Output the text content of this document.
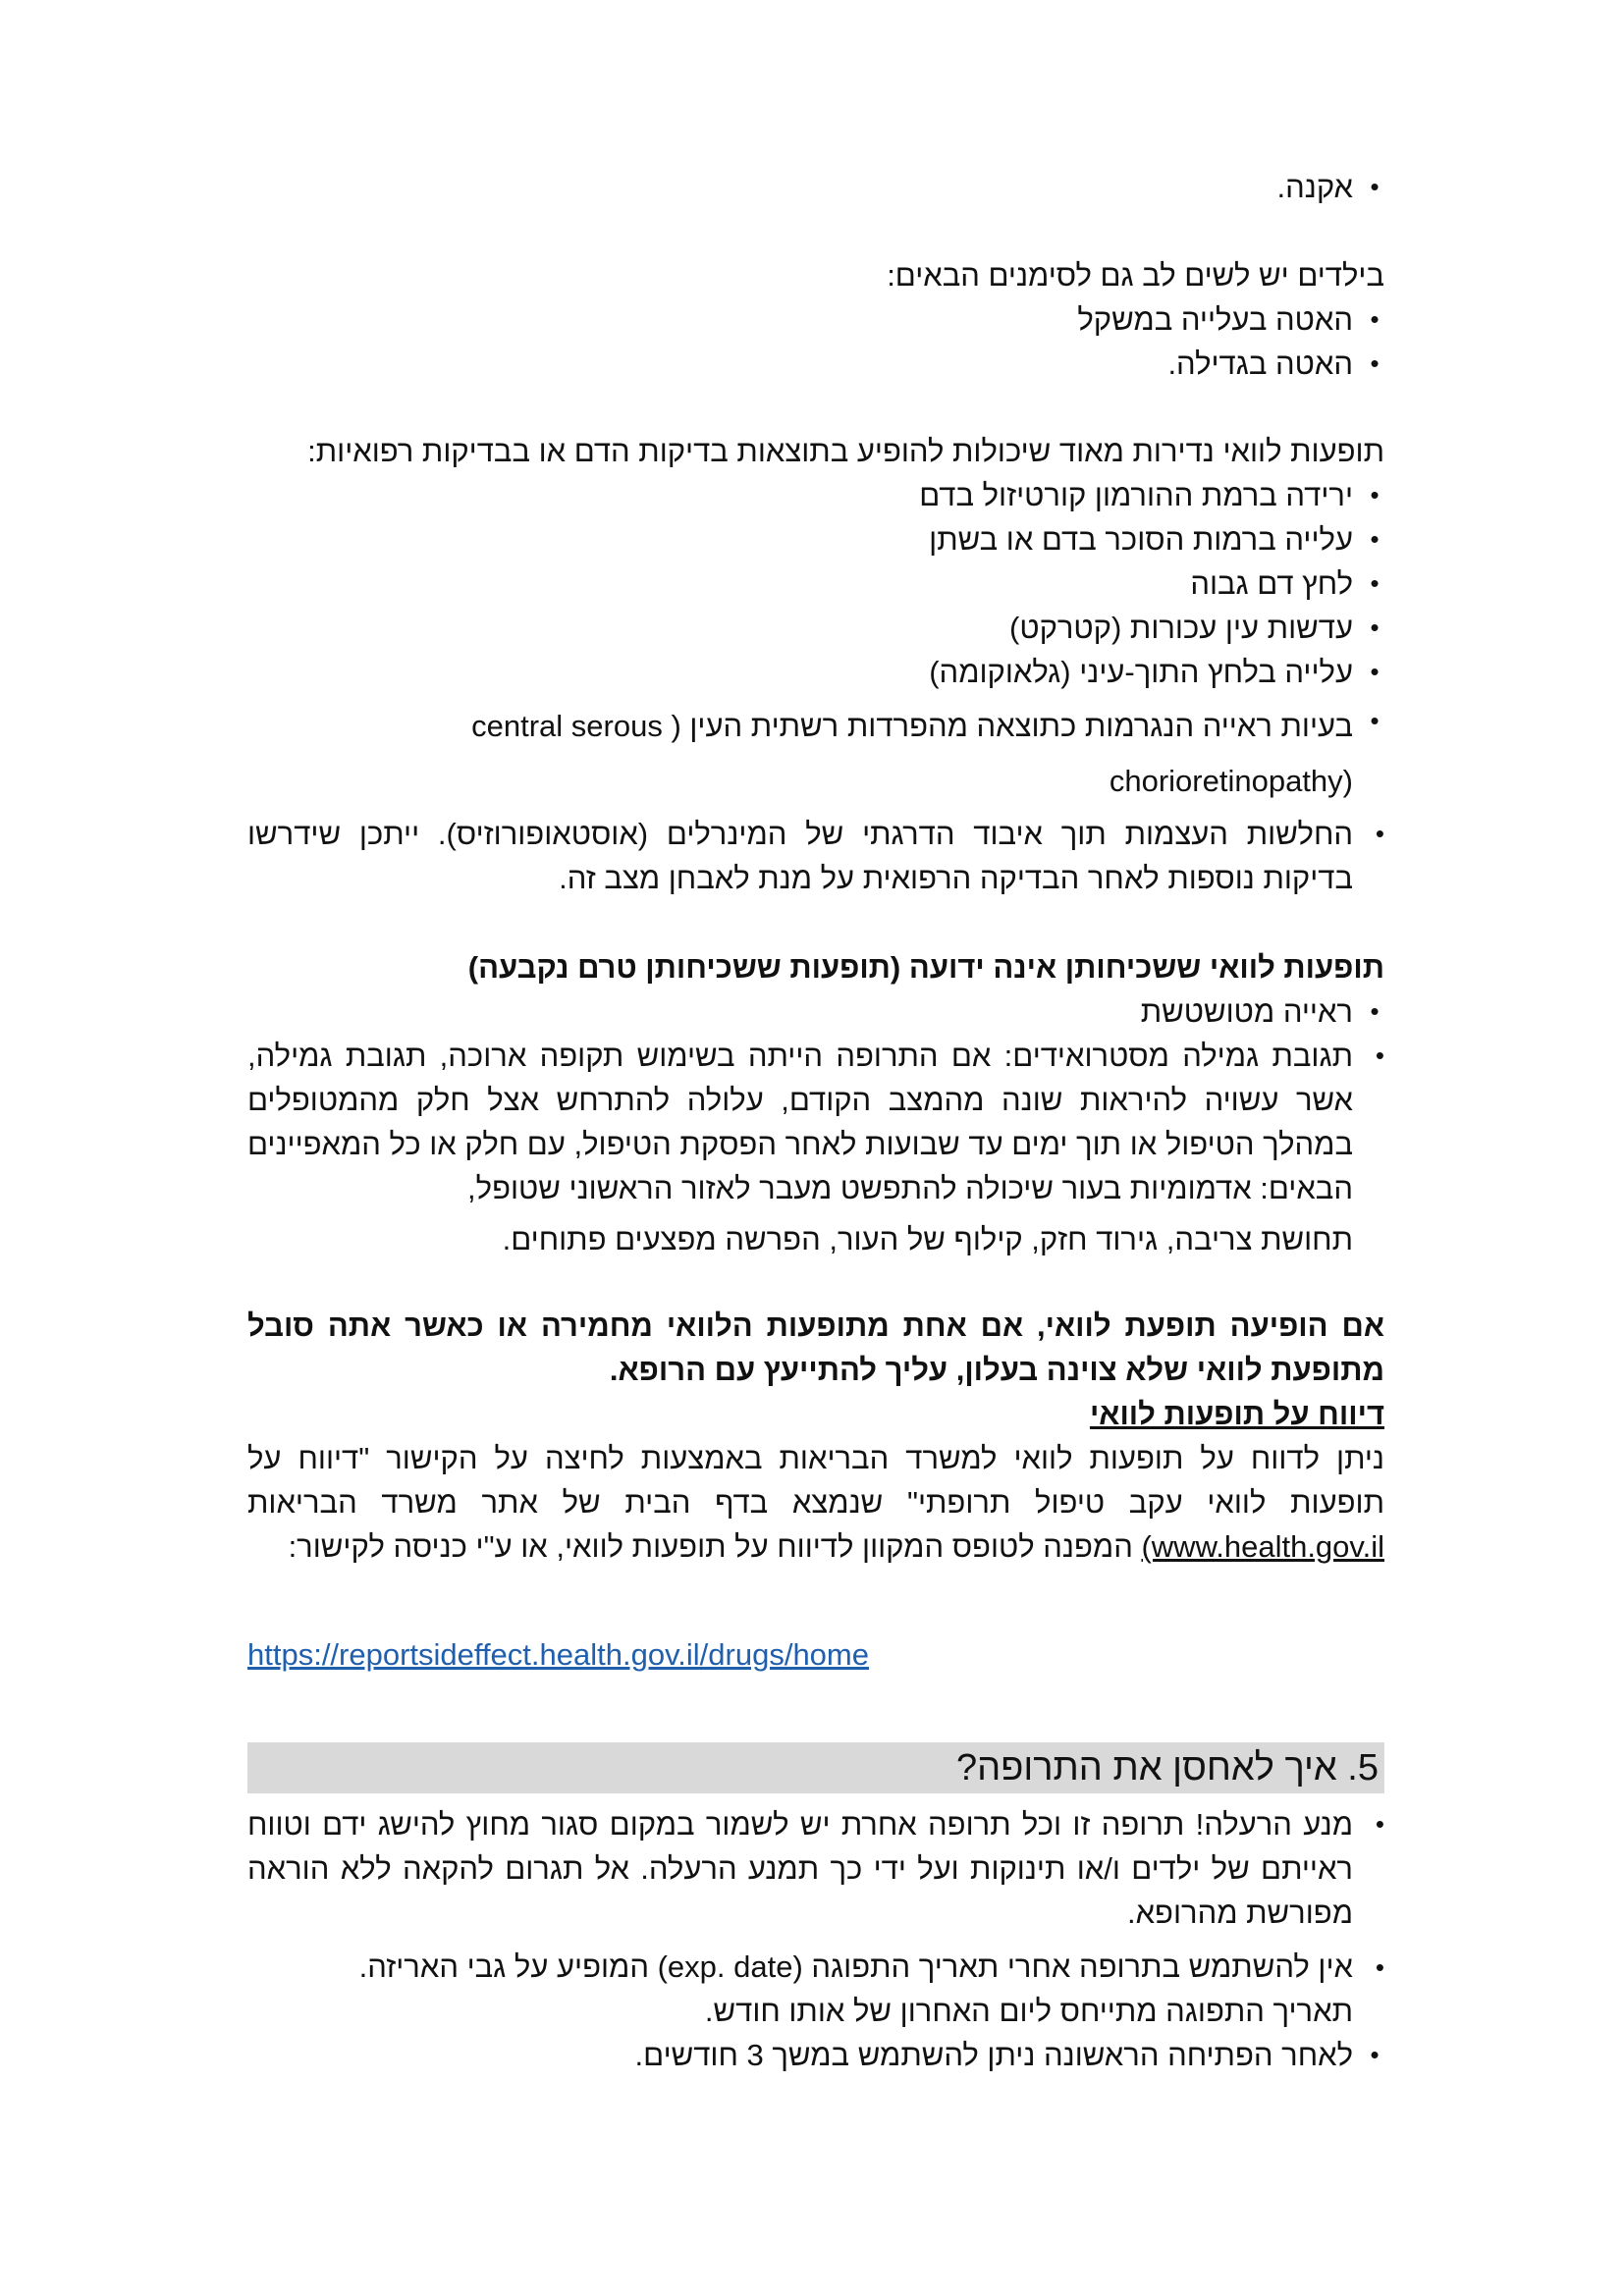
•
אקנה.
בילדים יש לשים לב גם לסימנים הבאים:
•
האטה בעלייה במשקל
•
האטה בגדילה.
תופעות לוואי נדירות מאוד שיכולות להופיע בתוצאות בדיקות הדם או בבדיקות רפואיות:
•
ירידה ברמת ההורמון קורטיזול בדם
•
עלייה ברמות הסוכר בדם או בשתן
•
לחץ דם גבוה
•
עדשות עין עכורות (קטרקט)
•
עלייה בלחץ התוך-עיני (גלאוקומה)
•
בעיות ראייה הנגרמות כתוצאה מהפרדות רשתית העין ( central serous
(chorioretinopathy
•
החלשות העצמות תוך איבוד הדרגתי של המינרלים (אוסטאופורוזיס). ייתכן שידרשו בדיקות נוספות לאחר הבדיקה הרפואית על מנת לאבחן מצב זה.
תופעות לוואי ששכיחותן אינה ידועה (תופעות ששכיחותן טרם נקבעה)
•
ראייה מטושטשת
•
תגובת גמילה מסטרואידים: אם התרופה הייתה בשימוש תקופה ארוכה, תגובת גמילה, אשר עשויה להיראות שונה מהמצב הקודם, עלולה להתרחש אצל חלק מהמטופלים במהלך הטיפול או תוך ימים עד שבועות לאחר הפסקת הטיפול, עם חלק או כל המאפיינים הבאים: אדמומיות בעור שיכולה להתפשט מעבר לאזור הראשוני שטופל,
תחושת צריבה, גירוד חזק, קילוף של העור, הפרשה מפצעים פתוחים.
אם הופיעה תופעת לוואי, אם אחת מתופעות הלוואי מחמירה או כאשר אתה סובל מתופעת לוואי שלא צוינה בעלון, עליך להתייעץ עם הרופא.
דיווח על תופעות לוואי
ניתן לדווח על תופעות לוואי למשרד הבריאות באמצעות לחיצה על הקישור "דיווח על תופעות לוואי עקב טיפול תרופתי" שנמצא בדף הבית של אתר משרד הבריאות (www.health.gov.il המפנה לטופס המקוון לדיווח על תופעות לוואי, או ע"י כניסה לקישור:
https://reportsideffect.health.gov.il/drugs/home
5. איך לאחסן את התרופה?
•
מנע הרעלה! תרופה זו וכל תרופה אחרת יש לשמור במקום סגור מחוץ להישג ידם וטווח ראייתם של ילדים ו/או תינוקות ועל ידי כך תמנע הרעלה. אל תגרום להקאה ללא הוראה מפורשת מהרופא.
•
אין להשתמש בתרופה אחרי תאריך התפוגה (exp. date) המופיע על גבי האריזה.
תאריך התפוגה מתייחס ליום האחרון של אותו חודש.
•
לאחר הפתיחה הראשונה ניתן להשתמש במשך 3 חודשים.
